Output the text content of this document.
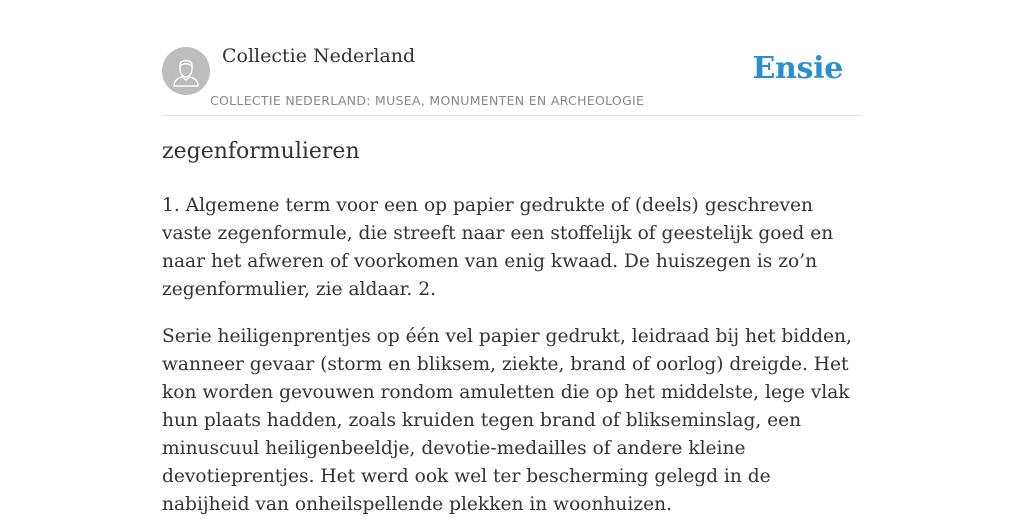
Collectie Nederland
COLLECTIE NEDERLAND: MUSEA, MONUMENTEN EN ARCHEOLOGIE
Ensie
zegenformulieren

1. Algemene term voor een op papier gedrukte of (deels) geschreven vaste zegenformule, die streeft naar een stoffelijk of geestelijk goed en naar het afweren of voorkomen van enig kwaad. De huiszegen is zo’n zegenformulier, zie aldaar. 2.

Serie heiligenprentjes op één vel papier gedrukt, leidraad bij het bidden, wanneer gevaar (storm en bliksem, ziekte, brand of oorlog) dreigde. Het kon worden gevouwen rondom amuletten die op het middelste, lege vlak hun plaats hadden, zoals kruiden tegen brand of blikseminslag, een minuscuul heiligenbeeldje, devotie-medailles of andere kleine devotieprentjes. Het werd ook wel ter bescherming gelegd in de nabijheid van onheilspellende plekken in woonhuizen.
